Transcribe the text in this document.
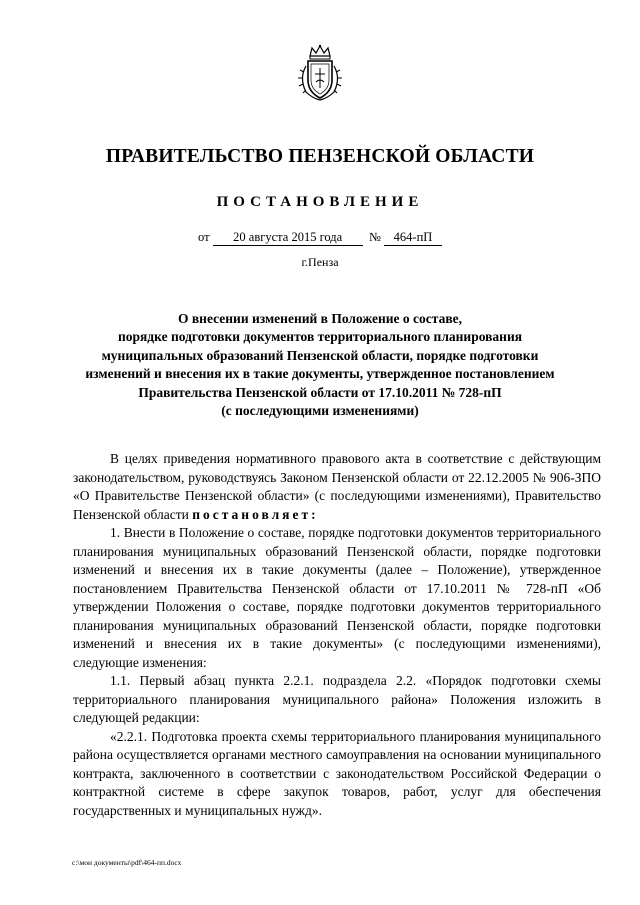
ПРАВИТЕЛЬСТВО ПЕНЗЕНСКОЙ ОБЛАСТИ
ПОСТАНОВЛЕНИЕ
от 20 августа 2015 года № 464-пП
г.Пенза
О внесении изменений в Положение о составе,
порядке подготовки документов территориального планирования
муниципальных образований Пензенской области, порядке подготовки
изменений и внесения их в такие документы, утвержденное постановлением
Правительства Пензенской области от 17.10.2011 № 728-пП
(с последующими изменениями)

В целях приведения нормативного правового акта в соответствие с действующим законодательством, руководствуясь Законом Пензенской области от 22.12.2005 № 906-ЗПО «О Правительстве Пензенской области» (с последующими изменениями), Правительство Пензенской области постановляет:

1. Внести в Положение о составе, порядке подготовки документов территориального планирования муниципальных образований Пензенской области, порядке подготовки изменений и внесения их в такие документы (далее – Положение), утвержденное постановлением Правительства Пензенской области от 17.10.2011 № 728-пП «Об утверждении Положения о составе, порядке подготовки документов территориального планирования муниципальных образований Пензенской области, порядке подготовки изменений и внесения их в такие документы» (с последующими изменениями), следующие изменения:

1.1. Первый абзац пункта 2.2.1. подраздела 2.2. «Порядок подготовки схемы территориального планирования муниципального района» Положения изложить в следующей редакции:

«2.2.1. Подготовка проекта схемы территориального планирования муниципального района осуществляется органами местного самоуправления на основании муниципального контракта, заключенного в соответствии с законодательством Российской Федерации о контрактной системе в сфере закупок товаров, работ, услуг для обеспечения государственных и муниципальных нужд».

c:\мои документы\pdf\464-пп.docx
